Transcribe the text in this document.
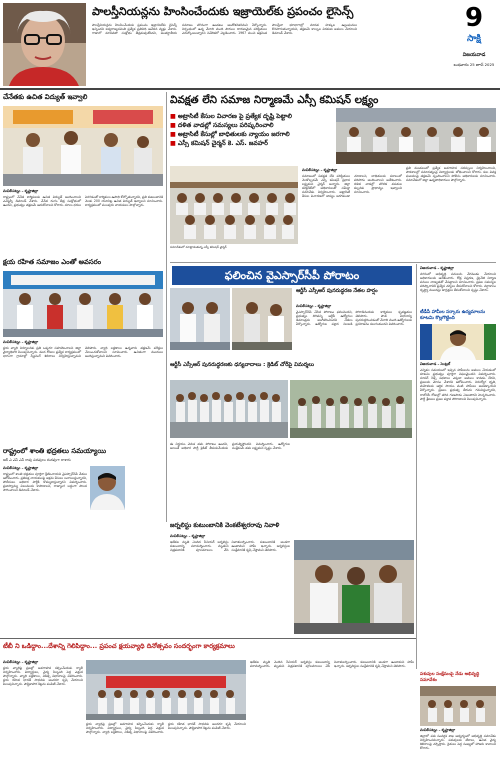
పాలస్తీనియన్లను హింసించేందుకు ఇజ్రాయెల్‌కు ప్రపంచం లైసెన్స్
పాలస్తీనియన్లను హింసించేందుకు ప్రపంచం ఇజ్రాయెల్‌కు లైసెన్స్ ఇచ్చిందని ఐక్యరాజ్యసమితి ప్రత్యేక ప్రతినిధి ఆవేదన వ్యక్తం చేశారు. గాజాలో మానవతా సంక్షోభం తీవ్రమవుతోందని, అంతర్జాతీయ సమాజం మౌనంగా ఉండటం ఆందోళనకరమని పేర్కొన్నారు. నిర్బంధంలో ఉన్న వేలాది మంది పౌరులు దారుణమైన పరిస్థితులు ఎదుర్కొంటున్నారని నివేదికలో వెల్లడించారు. 1967 నుంచి ఆక్రమిత పాలస్తీనా భూభాగాల్లో మానవ హక్కుల ఉల్లంఘనలు కొనసాగుతున్నాయని, తక్షణమే కాల్పుల విరమణ అమలు చేయాలని డిమాండ్ చేశారు.
9
సాక్షి
విజయవాడ
బుధవారం 25 జూన్ 2025
చేనేతకు ఉచిత విద్యుత్ ఇవ్వాలి
మచిలీపట్నం – కృష్ణాజిల్లా
రాష్ట్రంలో చేనేత కార్మికులకు ఉచిత విద్యుత్ అందించాలని ఎమ్మెల్సీ డిమాండ్ చేశారు. చేనేత రంగం తీవ్ర సంక్షోభంలో ఉందని, ప్రభుత్వం తక్షణమే ఆదుకోవాలని కోరారు. నూలు ధరలు పెరగడంతో కార్మికులు ఉపాధి కోల్పోతున్నారని, ప్రతి కుటుంబానికి నెలకు 200 యూనిట్ల ఉచిత విద్యుత్ ఇవ్వాలని సూచించారు. కార్యక్రమంలో పలువురు నాయకులు పాల్గొన్నారు.
క్షయ రహిత సమాజం ఎంతో అవసరం
మచిలీపట్నం – కృష్ణాజిల్లా
క్షయ వ్యాధి నిర్మూలనకు ప్రతి ఒక్కరూ సహకరించాలని జిల్లా వైద్యాధికారి పిలుపునిచ్చారు. వంద రోజుల ప్రత్యేక కార్యక్రమంలో భాగంగా గ్రామాల్లో స్క్రీనింగ్ శిబిరాలు నిర్వహిస్తున్నామని తెలిపారు. వ్యాధి లక్షణాలు ఉన్నవారు తక్షణమే పరీక్షలు చేయించుకోవాలని సూచించారు. ఉచితంగా మందులు అందిస్తున్నామని వివరించారు.
రాష్ట్రంలో శాంతి భద్రతలు సమయ్యాయి
ఆర్ ఎ ఎస్ ఎస్ రావు పదవులు దురవుగా రాశారు
మచిలీపట్నం – కృష్ణాజిల్లా
రాష్ట్రంలో శాంతి భద్రతలు పూర్తిగా క్షీణించాయని వైఎస్సార్‌సీపీ నేతలు ఆరోపించారు. ప్రతిపక్ష నాయకులపై అక్రమ కేసులు బనాయిస్తున్నారని, పోలీసులు అధికార పార్టీకి కొమ్ముకాస్తున్నారని విమర్శించారు. ప్రజాస్వామ్య విలువలను కాపాడాలని, రాజ్యాంగ బద్ధంగా పాలన సాగించాలని డిమాండ్ చేశారు.
వివక్షత లేని సమాజ నిర్మాణమే ఎస్సీ కమిషన్ లక్ష్యం
■ అట్రాసిటీ కేసుల విచారణ పై ప్రత్యేక దృష్టి పెట్టాలి
■ దళిత వాడల్లో సమస్యలు పరిష్కరించాలి
■ అట్రాసిటీ కేసుల్లో బాధితులకు న్యాయం జరగాలి
■ ఎస్సీ కమిషన్ చైర్మన్ కె. ఎస్. జవహర్
సమావేశంలో మాట్లాడుతున్న ఎస్సీ కమిషన్ చైర్మన్
మచిలీపట్నం – కృష్ణాజిల్లా
సమాజంలో వివక్షత లేని పరిస్థితులు నెలకొల్పడమే ఎస్సీ కమిషన్ ప్రధాన లక్ష్యమని చైర్మన్ అన్నారు. జిల్లా కలెక్టరేట్‌లో అధికారులతో సమీక్షా సమావేశం నిర్వహించారు. అట్రాసిటీ కేసుల విచారణలో జాప్యం జరగకుండా చూడాలని, బాధితులకు సకాలంలో పరిహారం అందించాలని ఆదేశించారు. దళిత వాడల్లో మౌలిక వసతుల కల్పనకు ప్రాధాన్యం ఇవ్వాలని సూచించారు.
ప్రతి మండలంలో ప్రత్యేక అవగాహన సదస్సులు నిర్వహించాలని, పాఠశాలల్లో సమానత్వంపై విద్యార్థులకు బోధించాలని కోరారు. కుల వివక్ష ఘటనలపై తక్షణమే స్పందించాలని పోలీసు అధికారులకు సూచించారు. సమావేశంలో జిల్లా ఉన్నతాధికారులు పాల్గొన్నారు.
ఫలించిన వైఎస్సార్‌సీపీ పోరాటం
ఆర్టీసీ ఎస్సీఆర్ పునరుద్ధరణ నేతల హర్షం
మచిలీపట్నం – కృష్ణాజిల్లా
వైఎస్సార్‌సీపీ చేసిన పోరాటం ఫలించిందని, ప్రభుత్వం దిగివచ్చి ఆర్టీసీ ఉద్యోగుల డిమాండ్లను అంగీకరించిందని నేతలు పేర్కొన్నారు. ఉద్యోగుల పక్షాన నిలబడి పోరాడినందుకు కార్మికులు కృతజ్ఞతలు తెలిపారు. పాత విధానాన్ని పునరుద్ధరించడంతో వేలాది మంది ఉద్యోగులకు ప్రయోజనం కలుగుతుందని వివరించారు.
ఆర్టీసీ ఎస్సీఆర్ పునరుద్ధరణకు ధన్యవాదాలు : క్రెడిట్ చోరీపై విమర్శలు
ఈ నిర్ణయం వెనుక తమ పోరాటం ఉందని, అయితే అధికార పార్టీ క్రెడిట్ తీసుకునేందుకు ప్రయత్నిస్తోందని విమర్శించారు. ఉద్యోగుల సంక్షేమమే తమ లక్ష్యమని స్పష్టం చేశారు.
జర్నలిస్టు కుటుంబానికి వెంకటేశ్వరరావు నివాళి
మచిలీపట్నం – కృష్ణాజిల్లా
ఇటీవల మృతి చెందిన సీనియర్ జర్నలిస్టు కుటుంబాన్ని పరామర్శించారు. మృతుని చిత్రపటానికి పూలమాలలు వేసి నివాళులర్పించారు. కుటుంబానికి అండగా ఉంటామని హామీ ఇచ్చారు. జర్నలిస్టుల సంక్షేమానికి కృషి చేస్తామని తెలిపారు.
విజయవాడ – కృష్ణాజిల్లా
నగరంలో అభివృద్ధి పనులను వేగవంతం చేయాలని అధికారులను ఆదేశించారు. రోడ్ల విస్తరణ, డ్రైనేజీ నిర్మాణ పనులు నాణ్యతతో చేపట్టాలని సూచించారు. ప్రజల సమస్యల పరిష్కారానికి ప్రత్యేక చర్యలు తీసుకోవాలని కోరారు. వర్షాకాలం దృష్ట్యా ముందస్తు జాగ్రత్తలు తీసుకోవాలని స్పష్టం చేశారు.
టీడీపీ హామీల సర్కారు ఉద్యమాలను కూటమి కొల్లగొట్టింది
విజయవాడ – సెంట్రల్
ఎన్నికల సమయంలో ఇచ్చిన హామీలను అమలు చేయడంలో కూటమి ప్రభుత్వం పూర్తిగా విఫలమైందని విమర్శించారు. సూపర్ సిక్స్ పథకాలు ఎక్కడా అమలు కావడం లేదని, ప్రజలను మోసం చేశారని ఆరోపించారు. నిరుద్యోగ భృతి, మహిళలకు ఆర్థిక సాయం వంటి హామీలు అటకెక్కాయని పేర్కొన్నారు. ప్రజలు ప్రభుత్వ తీరును గమనిస్తున్నారని, రాబోయే రోజుల్లో తగిన గుణపాఠం చెబుతారని హెచ్చరించారు. పార్టీ శ్రేణులు ప్రజల పక్షాన పోరాడాలని పిలుపునిచ్చారు.
టీబీ ని ఒడిద్దాం...దేశాన్ని గెలిపిద్దాం... ప్రపంచ క్షయవ్యాధి దినోత్సవం సందర్భంగా కార్యక్రమాలు
మచిలీపట్నం – కృష్ణాజిల్లా
క్షయ వ్యాధిపై ప్రజల్లో అవగాహన కల్పించేందుకు ర్యాలీ నిర్వహించారు. విద్యార్థులు, వైద్య సిబ్బంది పెద్ద ఎత్తున పాల్గొన్నారు. వ్యాధి లక్షణాలు, చికిత్స విధానాలపై వివరించారు. క్షయ రహిత భారత్ సాధనకు అందరూ కృషి చేయాలని పిలుపునిచ్చారు. పౌష్టికాహార కిట్లను పంపిణీ చేశారు.
క్షయ వ్యాధిపై ప్రజల్లో అవగాహన కల్పించేందుకు ర్యాలీ నిర్వహించారు. విద్యార్థులు, వైద్య సిబ్బంది పెద్ద ఎత్తున పాల్గొన్నారు. వ్యాధి లక్షణాలు, చికిత్స విధానాలపై వివరించారు. క్షయ రహిత భారత్ సాధనకు అందరూ కృషి చేయాలని పిలుపునిచ్చారు. పౌష్టికాహార కిట్లను పంపిణీ చేశారు.
ఇటీవల మృతి చెందిన సీనియర్ జర్నలిస్టు కుటుంబాన్ని పరామర్శించారు. మృతుని చిత్రపటానికి పూలమాలలు వేసి నివాళులర్పించారు. కుటుంబానికి అండగా ఉంటామని హామీ ఇచ్చారు. జర్నలిస్టుల సంక్షేమానికి కృషి చేస్తామని తెలిపారు.
పశువుల సంక్షేమంపై నేడు అభివృద్ధి సమావేశం
మచిలీపట్నం – కృష్ణాజిల్లా
జిల్లాలో పశు సంవర్థక శాఖ ఆధ్వర్యంలో అభివృద్ధి సమావేశం నిర్వహించనున్నారు. పశువులకు టీకాలు, ఉచిత వైద్య శిబిరాలపై చర్చిస్తారు. రైతులు పెద్ద సంఖ్యలో హాజరు కావాలని కోరారు.
